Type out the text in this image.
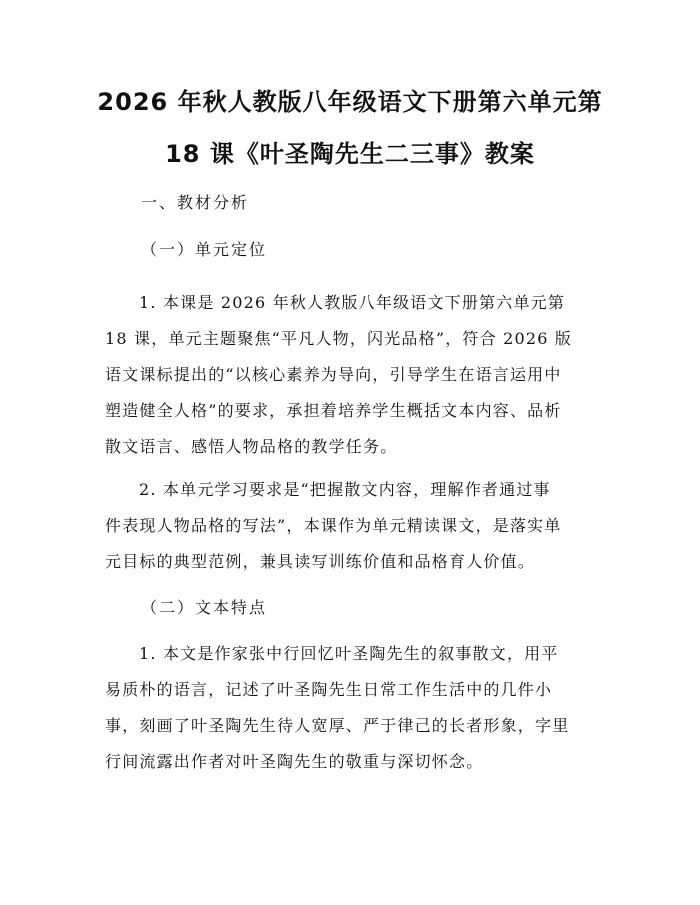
2026 年秋人教版八年级语文下册第六单元第
18 课《叶圣陶先生二三事》教案
一、教材分析
（一）单元定位
1. 本课是 2026 年秋人教版八年级语文下册第六单元第
18 课，单元主题聚焦“平凡人物，闪光品格”，符合 2026 版
语文课标提出的“以核心素养为导向，引导学生在语言运用中
塑造健全人格”的要求，承担着培养学生概括文本内容、品析
散文语言、感悟人物品格的教学任务。
2. 本单元学习要求是“把握散文内容，理解作者通过事
件表现人物品格的写法”，本课作为单元精读课文，是落实单
元目标的典型范例，兼具读写训练价值和品格育人价值。
（二）文本特点
1. 本文是作家张中行回忆叶圣陶先生的叙事散文，用平
易质朴的语言，记述了叶圣陶先生日常工作生活中的几件小
事，刻画了叶圣陶先生待人宽厚、严于律己的长者形象，字里
行间流露出作者对叶圣陶先生的敬重与深切怀念。
